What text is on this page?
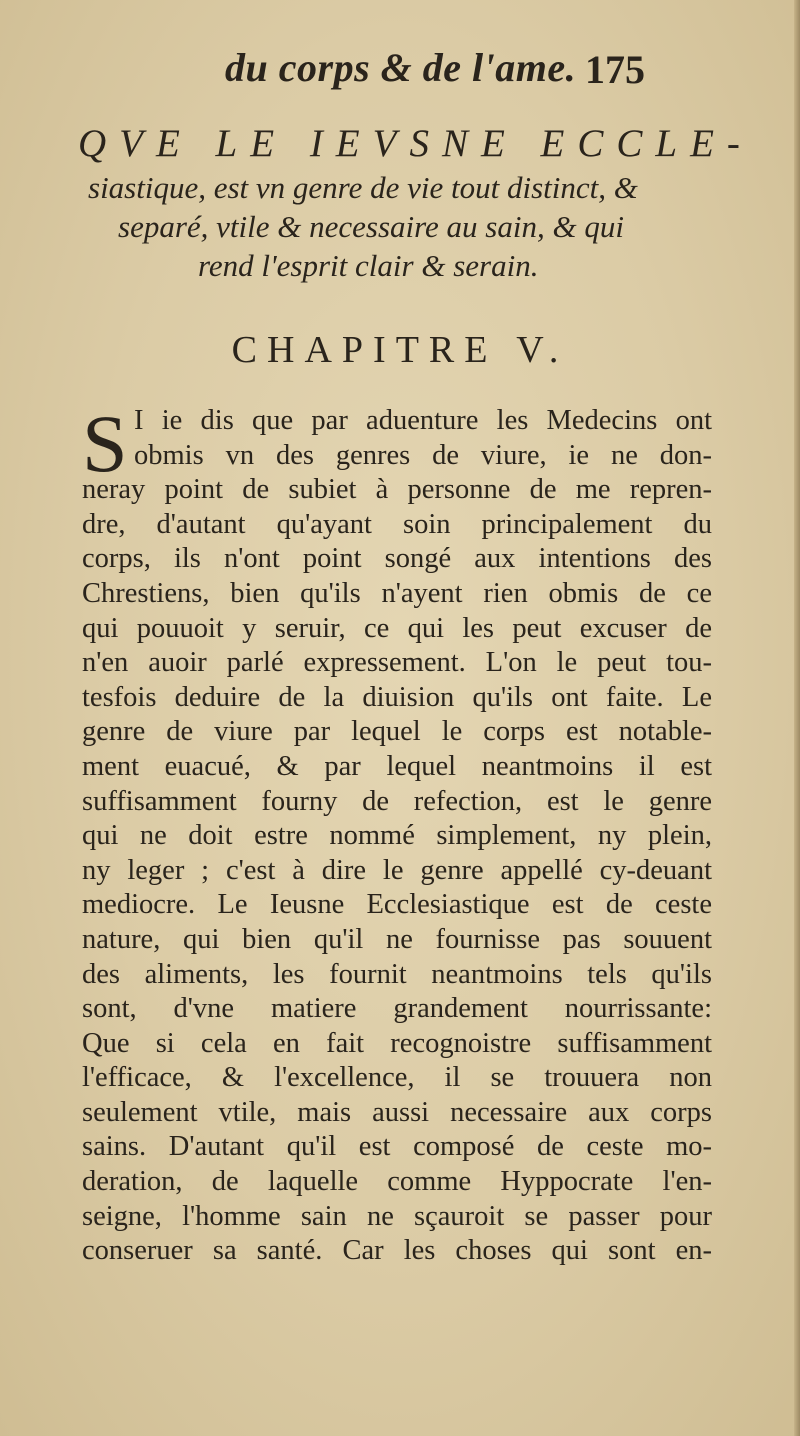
du corps & de l'ame. 175
QVE LE IEVSNE ECCLE-
siastique, est vn genre de vie tout distinct, &
separé, vtile & necessaire au sain, & qui
rend l'esprit clair & serain.
CHAPITRE V.
S I ie dis que par aduenture les Medecins ont
obmis vn des genres de viure, ie ne don-
neray point de subiet à personne de me repren-
dre, d'autant qu'ayant soin principalement du
corps, ils n'ont point songé aux intentions des
Chrestiens, bien qu'ils n'ayent rien obmis de ce
qui pouuoit y seruir, ce qui les peut excuser de
n'en auoir parlé expressement. L'on le peut tou-
tesfois deduire de la diuision qu'ils ont faite. Le
genre de viure par lequel le corps est notable-
ment euacué, & par lequel neantmoins il est
suffisamment fourny de refection, est le genre
qui ne doit estre nommé simplement, ny plein,
ny leger ; c'est à dire le genre appellé cy-deuant
mediocre. Le Ieusne Ecclesiastique est de ceste
nature, qui bien qu'il ne fournisse pas souuent
des aliments, les fournit neantmoins tels qu'ils
sont, d'vne matiere grandement nourrissante:
Que si cela en fait recognoistre suffisamment
l'efficace, & l'excellence, il se trouuera non
seulement vtile, mais aussi necessaire aux corps
sains. D'autant qu'il est composé de ceste mo-
deration, de laquelle comme Hyppocrate l'en-
seigne, l'homme sain ne sçauroit se passer pour
conseruer sa santé. Car les choses qui sont en-
